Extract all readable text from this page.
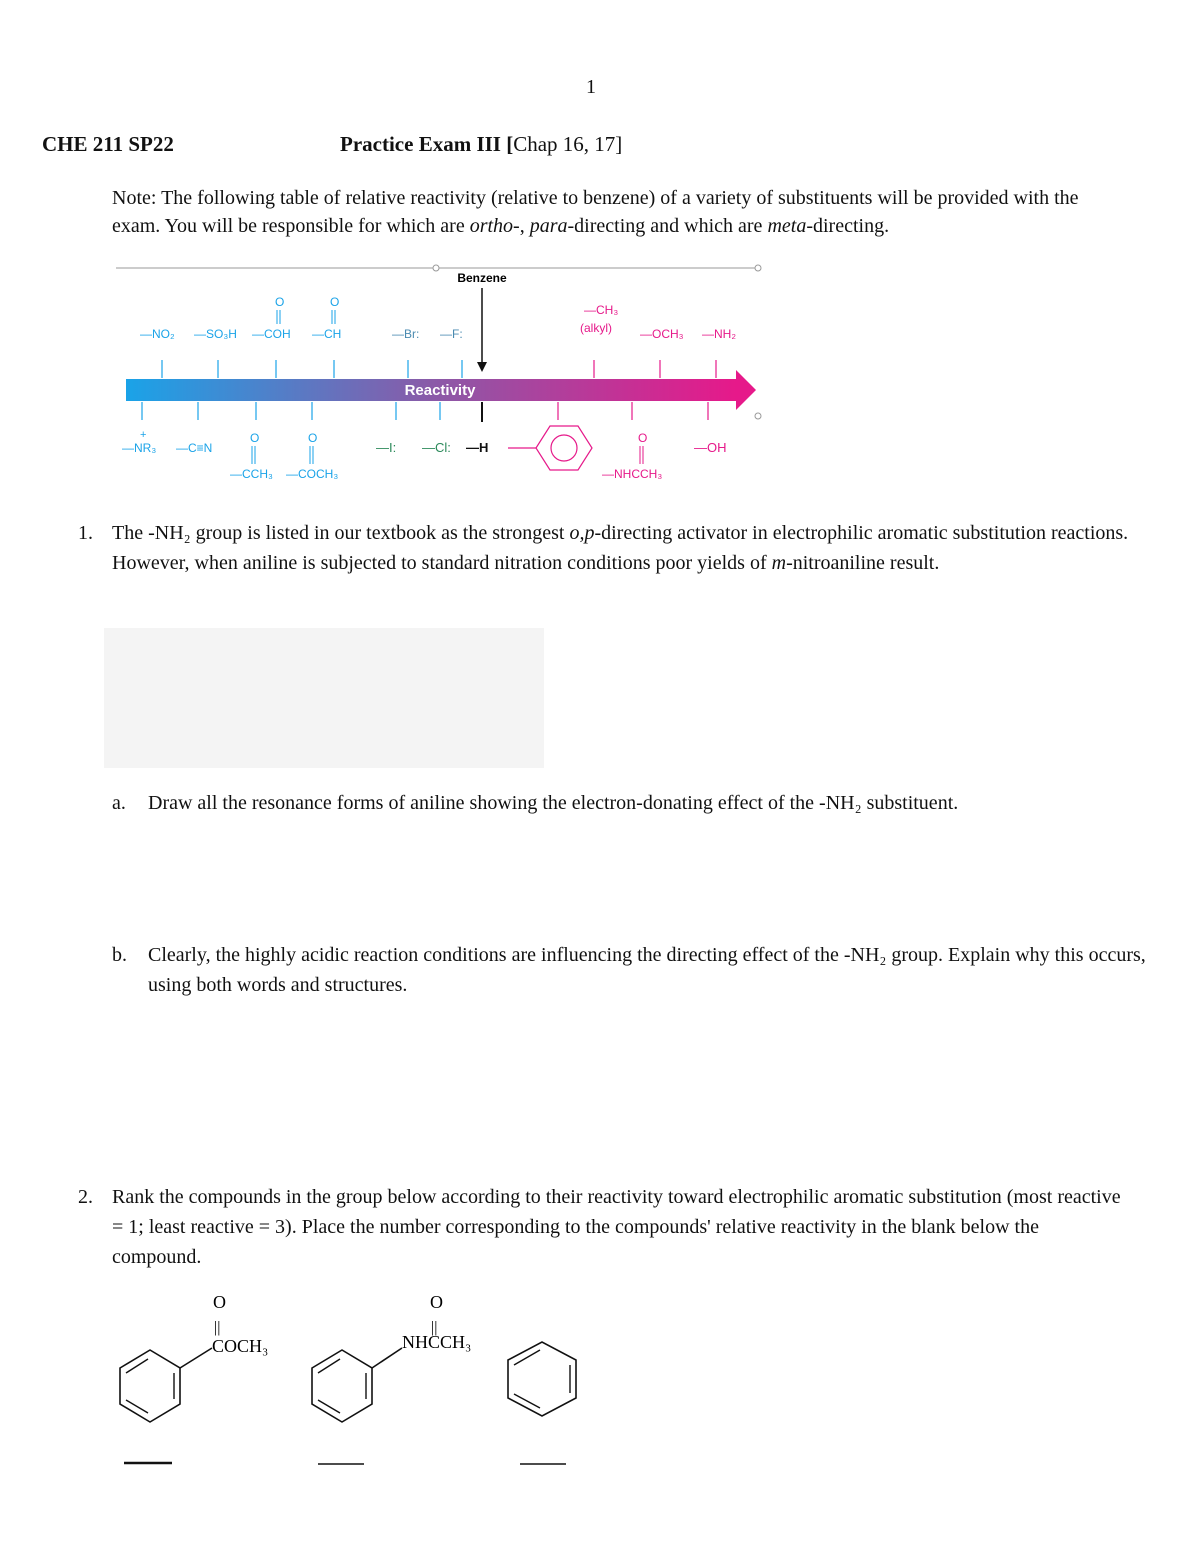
1
CHE 211 SP22	Practice Exam III [Chap 16, 17]

Note: The following table of relative reactivity (relative to benzene) of a variety of substituents will be provided with the exam. You will be responsible for which are ortho-, para-directing and which are meta-directing.

Benzene
Reactivity
—NO₂ —SO₃H —COH —CH
O	O
—Br: —F:
—CH₃
(alkyl) —OCH₃ —NH₂
—NR₃
+
—C≡N
—CCH₃ —COCH₃
O	O
—I: —Cl: —H
—NHCCH₃
O
—OH
1. The -NH₂ group is listed in our textbook as the strongest o,p-directing activator in electrophilic aromatic substitution reactions. However, when aniline is subjected to standard nitration conditions poor yields of m-nitroaniline result.
a. Draw all the resonance forms of aniline showing the electron-donating effect of the -NH₂ substituent.
b. Clearly, the highly acidic reaction conditions are influencing the directing effect of the -NH₂ group. Explain why this occurs, using both words and structures.
2. Rank the compounds in the group below according to their reactivity toward electrophilic aromatic substitution (most reactive = 1; least reactive = 3). Place the number corresponding to the compounds' relative reactivity in the blank below the compound.
O
||
COCH₃
O
||
NHCCH₃
